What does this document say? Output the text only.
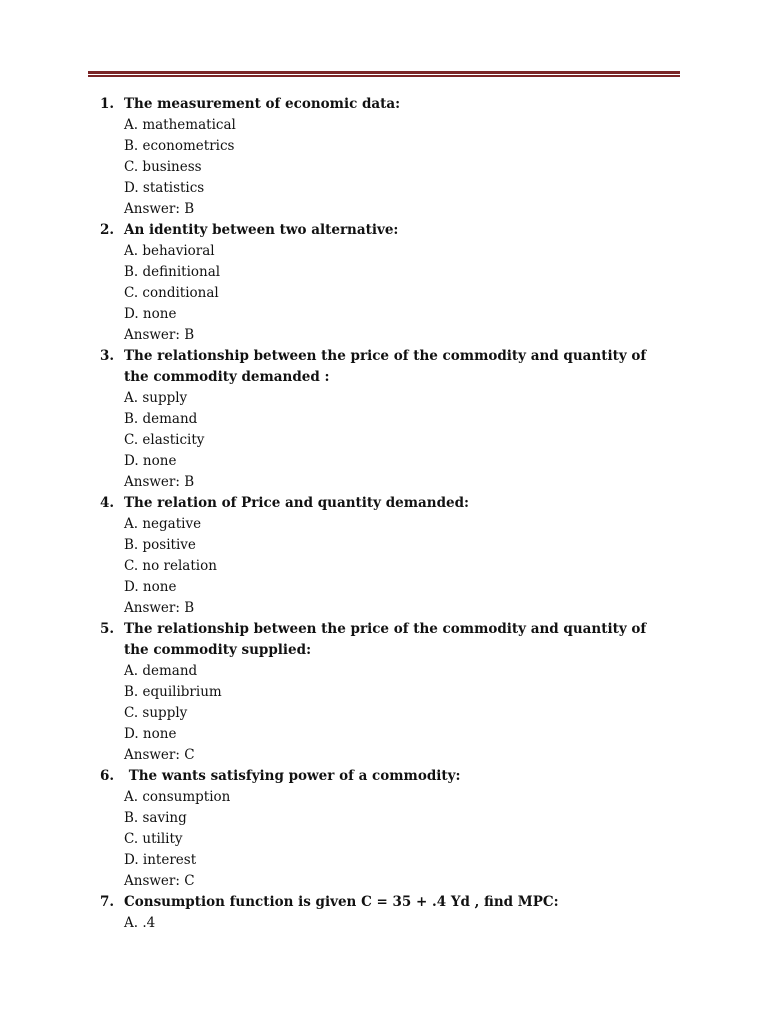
1. The measurement of economic data:
A. mathematical
B. econometrics
C. business
D. statistics
Answer: B
2. An identity between two alternative:
A. behavioral
B. definitional
C. conditional
D. none
Answer: B
3. The relationship between the price of the commodity and quantity of the commodity demanded :
A. supply
B. demand
C. elasticity
D. none
Answer: B
4. The relation of Price and quantity demanded:
A. negative
B. positive
C. no relation
D. none
Answer: B
5. The relationship between the price of the commodity and quantity of the commodity supplied:
A. demand
B. equilibrium
C. supply
D. none
Answer: C
6. The wants satisfying power of a commodity:
A. consumption
B. saving
C. utility
D. interest
Answer: C
7. Consumption function is given C = 35 + .4 Yd , find MPC:
A. .4
